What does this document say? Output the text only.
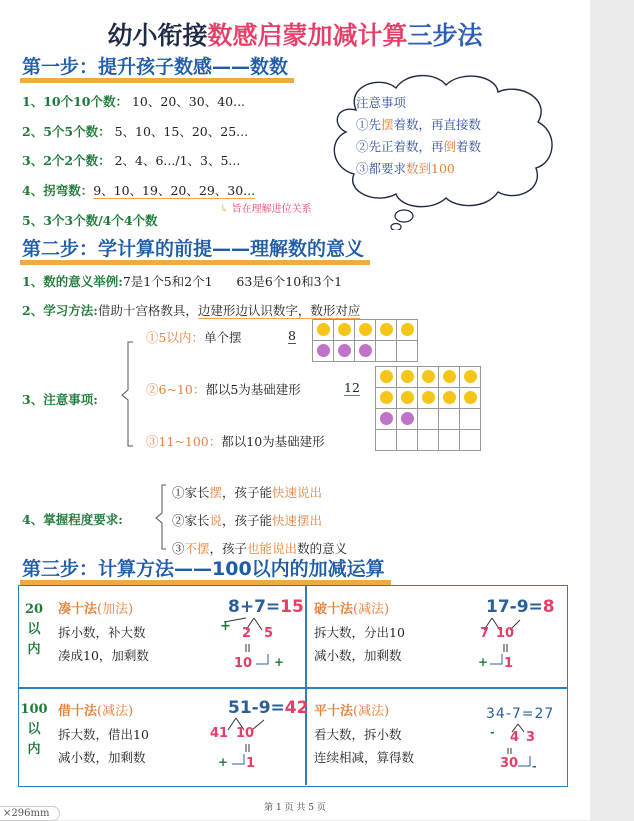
幼小衔接数感启蒙加减计算三步法
第一步：提升孩子数感——数数
1、10个10个数： 10、20、30、40...
2、5个5个数： 5、10、15、20、25...
3、2个2个数： 2、4、6.../1、3、5...
4、拐弯数：9、10、19、20、29、30...
↳ 旨在理解进位关系
5、3个3个数/4个4个数
注意事项
①先摆着数，再直接数
②先正着数，再倒着数
③都要求数到100
第二步：学计算的前提——理解数的意义
1、数的意义举例:7是1个5和2个1      63是6个10和3个1
2、学习方法:借助十宫格教具，边建形边认识数字，数形对应
3、注意事项:
①5以内：单个摆	8
②6~10：都以5为基础建形	12
③11~100：都以10为基础建形

4、掌握程度要求:
①家长摆，孩子能快速说出
②家长说，孩子能快速摆出
③不摆，孩子也能说出数的意义
第三步：计算方法——100以内的加减运算
20
以
内
100
以
内
凑十法(加法)
拆小数，补大数
凑成10，加剩数
8+7=15
+
+
2 5
10
破十法(减法)
拆大数，分出10
减小数，加剩数
17-9=8
+
7 10
1
借十法(减法)
拆大数，借出10
减小数，加剩数
51-9=42
+
41 10
1
平十法(减法)
看大数，拆小数
连续相减，算得数
34-7=27
-
-
4 3
30
第 1 页 共 5 页
×296mm
